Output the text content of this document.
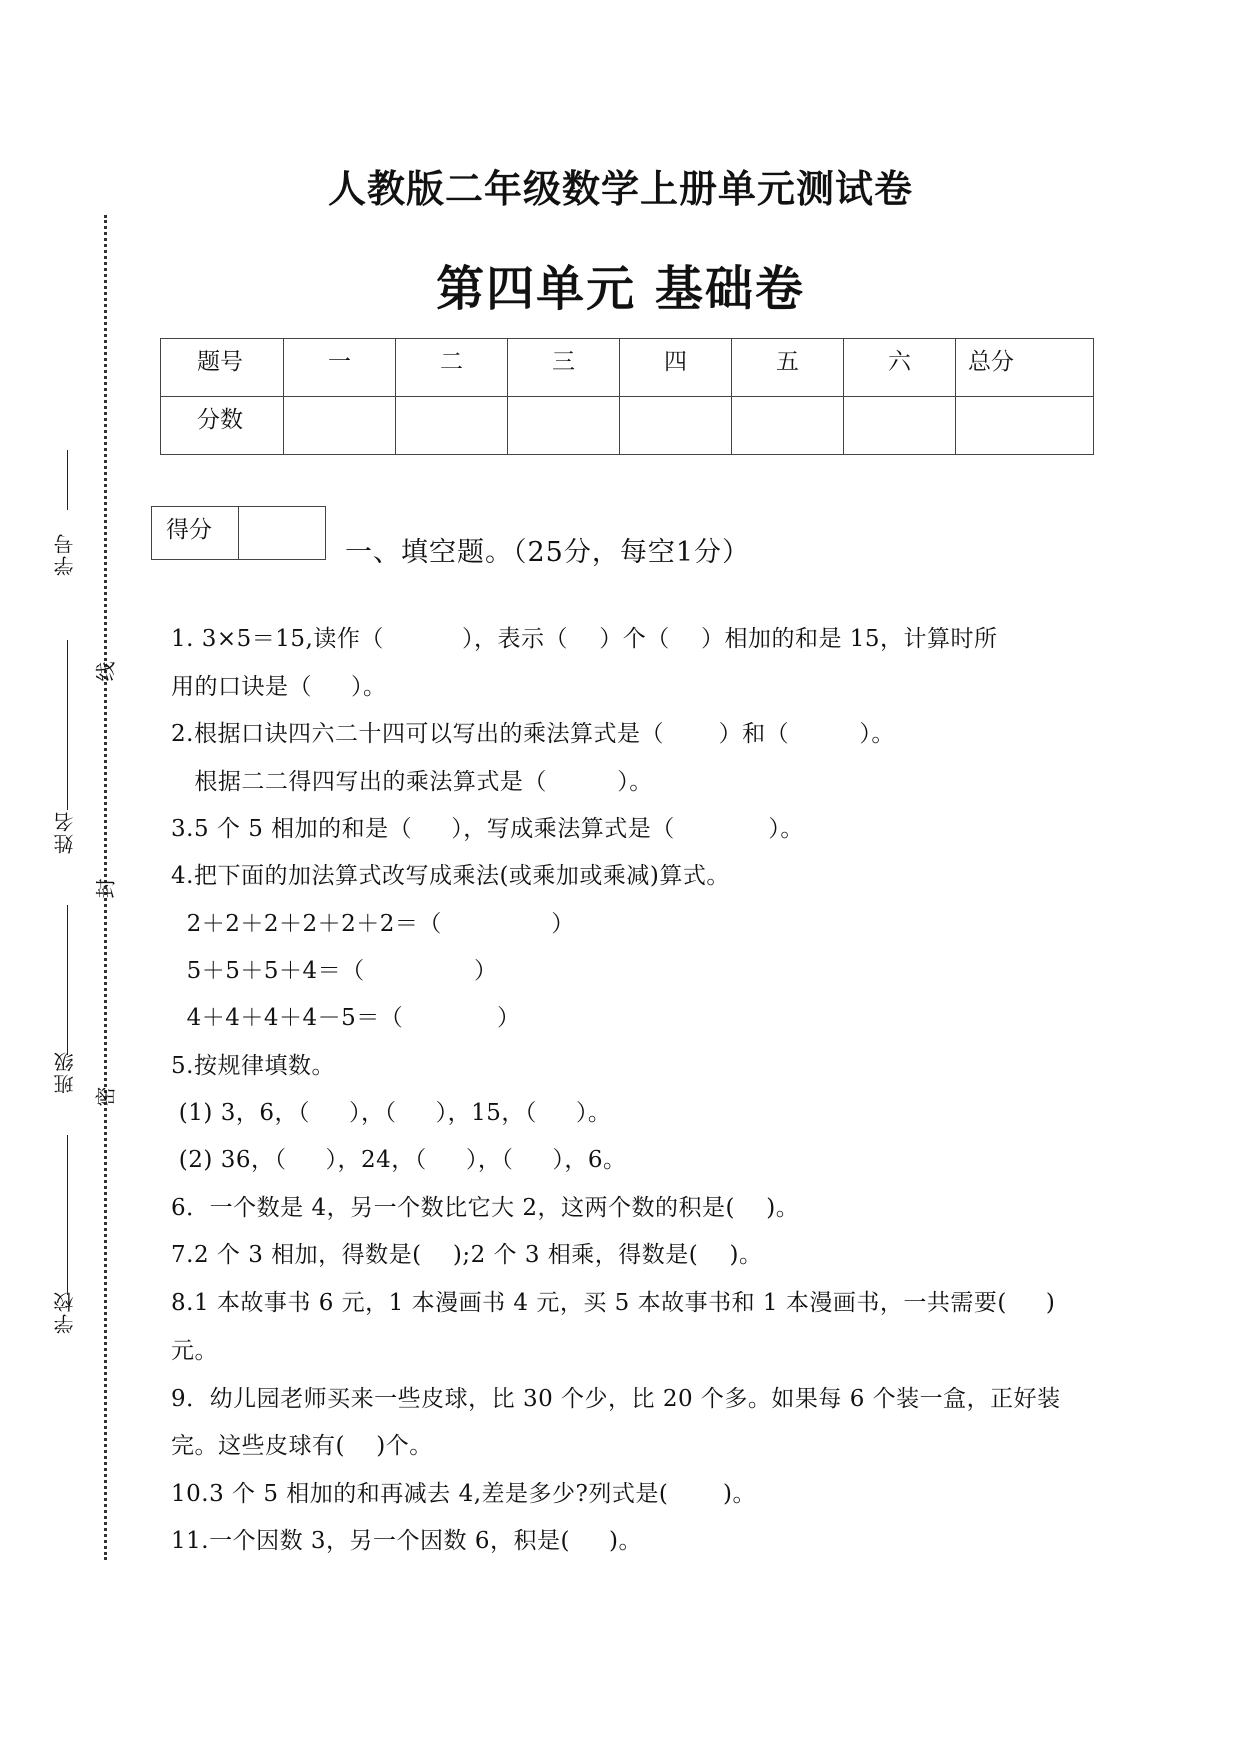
学号
姓名
班级
学校
线
封
密
人教版二年级数学上册单元测试卷
第四单元 基础卷
题号	一	二	三	四	五	六	总分
分数							
得分
一、填空题。（25分，每空1分）
1. 3×5＝15,读作（          ），表示（    ）个（    ）相加的和是 15，计算时所
用的口诀是（     ）。
2.根据口诀四六二十四可以写出的乘法算式是（       ）和（         ）。
根据二二得四写出的乘法算式是（         ）。
3.5 个 5 相加的和是（     ），写成乘法算式是（            ）。
4.把下面的加法算式改写成乘法(或乘加或乘减)算式。
2＋2＋2＋2＋2＋2＝（              ）
5＋5＋5＋4＝（              ）
4＋4＋4＋4－5＝（            ）
5.按规律填数。
(1) 3，6，（     ），（     ），15，（     ）。
(2) 36，（     ），24，（     ），（     ），6。
6．一个数是 4，另一个数比它大 2，这两个数的积是(    )。
7.2 个 3 相加，得数是(    );2 个 3 相乘，得数是(    )。
8.1 本故事书 6 元，1 本漫画书 4 元，买 5 本故事书和 1 本漫画书，一共需要(     )
元。
9．幼儿园老师买来一些皮球，比 30 个少，比 20 个多。如果每 6 个装一盒，正好装
完。这些皮球有(    )个。
10.3 个 5 相加的和再减去 4,差是多少?列式是(       )。
11.一个因数 3，另一个因数 6，积是(     )。
